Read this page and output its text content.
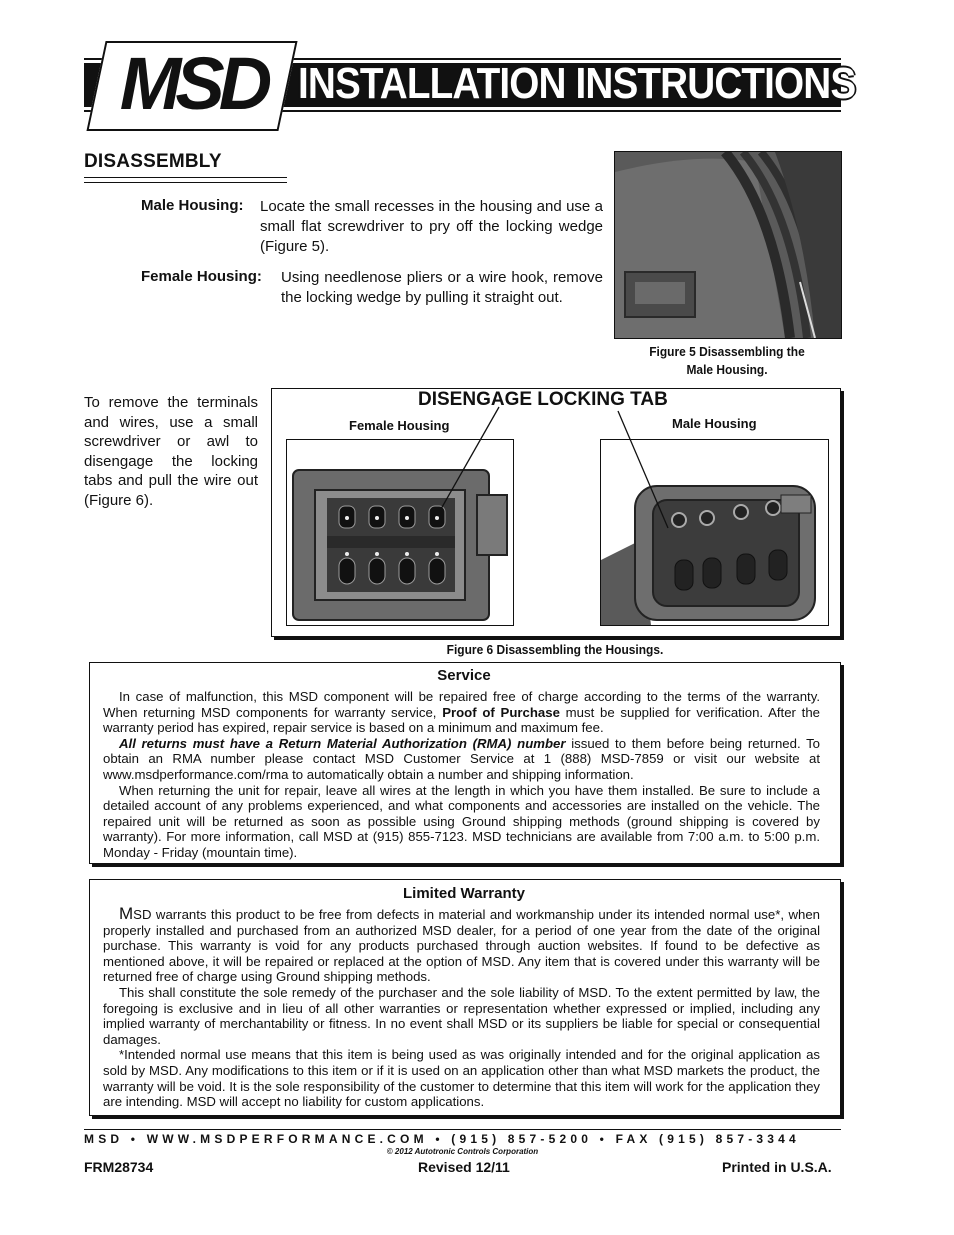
MSD INSTALLATION INSTRUCTIONS
DISASSEMBLY
Male Housing: Locate the small recesses in the housing and use a small flat screwdriver to pry off the locking wedge (Figure 5).
Female Housing: Using needlenose pliers or a wire hook, remove the locking wedge by pulling it straight out.
Figure 5 Disassembling the
Male Housing.
To remove the terminals and wires, use a small screwdriver or awl to disengage the locking tabs and pull the wire out (Figure 6).
DISENGAGE LOCKING TAB
Female Housing	Male Housing
Figure 6 Disassembling the Housings.
Service

In case of malfunction, this MSD component will be repaired free of charge according to the terms of the warranty. When returning MSD components for warranty service, Proof of Purchase must be supplied for verification. After the warranty period has expired, repair service is based on a minimum and maximum fee.

All returns must have a Return Material Authorization (RMA) number issued to them before being returned. To obtain an RMA number please contact MSD Customer Service at 1 (888) MSD-7859 or visit our website at www.msdperformance.com/rma to automatically obtain a number and shipping information.

When returning the unit for repair, leave all wires at the length in which you have them installed. Be sure to include a detailed account of any problems experienced, and what components and accessories are installed on the vehicle. The repaired unit will be returned as soon as possible using Ground shipping methods (ground shipping is covered by warranty). For more information, call MSD at (915) 855-7123. MSD technicians are available from 7:00 a.m. to 5:00 p.m. Monday - Friday (mountain time).

Limited Warranty

MSD warrants this product to be free from defects in material and workmanship under its intended normal use*, when properly installed and purchased from an authorized MSD dealer, for a period of one year from the date of the original purchase. This warranty is void for any products purchased through auction websites. If found to be defective as mentioned above, it will be repaired or replaced at the option of MSD. Any item that is covered under this warranty will be returned free of charge using Ground shipping methods.

This shall constitute the sole remedy of the purchaser and the sole liability of MSD. To the extent permitted by law, the foregoing is exclusive and in lieu of all other warranties or representation whether expressed or implied, including any implied warranty of merchantability or fitness. In no event shall MSD or its suppliers be liable for special or consequential damages.

*Intended normal use means that this item is being used as was originally intended and for the original application as sold by MSD. Any modifications to this item or if it is used on an application other than what MSD markets the product, the warranty will be void. It is the sole responsibility of the customer to determine that this item will work for the application they are intending. MSD will accept no liability for custom applications.

MSD • WWW.MSDPERFORMANCE.COM • (915) 857-5200 • FAX (915) 857-3344
© 2012 Autotronic Controls Corporation
FRM28734	Revised 12/11	Printed in U.S.A.
